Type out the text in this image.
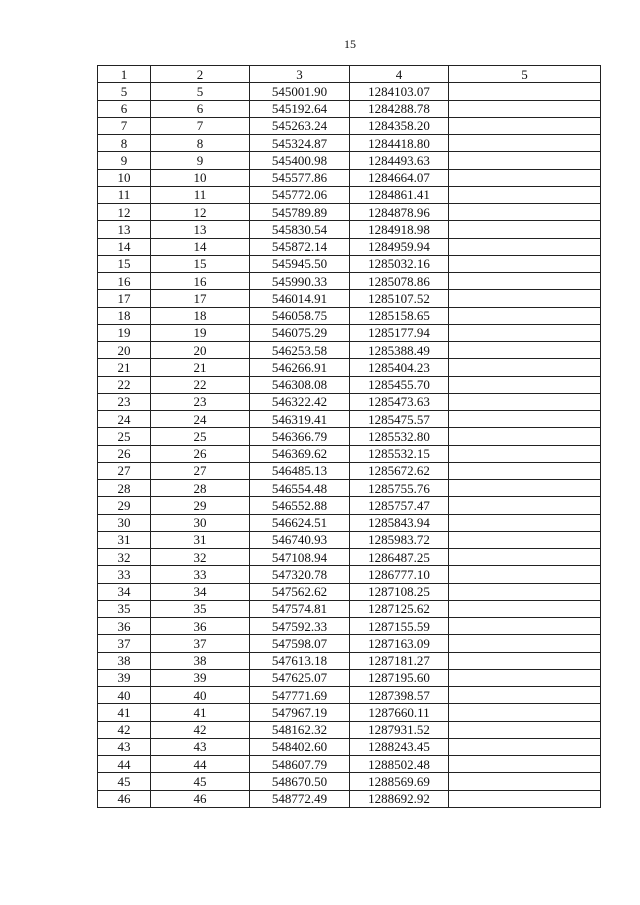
15
1	2	3	4	5
5	5	545001.90	1284103.07	
6	6	545192.64	1284288.78	
7	7	545263.24	1284358.20	
8	8	545324.87	1284418.80	
9	9	545400.98	1284493.63	
10	10	545577.86	1284664.07	
11	11	545772.06	1284861.41	
12	12	545789.89	1284878.96	
13	13	545830.54	1284918.98	
14	14	545872.14	1284959.94	
15	15	545945.50	1285032.16	
16	16	545990.33	1285078.86	
17	17	546014.91	1285107.52	
18	18	546058.75	1285158.65	
19	19	546075.29	1285177.94	
20	20	546253.58	1285388.49	
21	21	546266.91	1285404.23	
22	22	546308.08	1285455.70	
23	23	546322.42	1285473.63	
24	24	546319.41	1285475.57	
25	25	546366.79	1285532.80	
26	26	546369.62	1285532.15	
27	27	546485.13	1285672.62	
28	28	546554.48	1285755.76	
29	29	546552.88	1285757.47	
30	30	546624.51	1285843.94	
31	31	546740.93	1285983.72	
32	32	547108.94	1286487.25	
33	33	547320.78	1286777.10	
34	34	547562.62	1287108.25	
35	35	547574.81	1287125.62	
36	36	547592.33	1287155.59	
37	37	547598.07	1287163.09	
38	38	547613.18	1287181.27	
39	39	547625.07	1287195.60	
40	40	547771.69	1287398.57	
41	41	547967.19	1287660.11	
42	42	548162.32	1287931.52	
43	43	548402.60	1288243.45	
44	44	548607.79	1288502.48	
45	45	548670.50	1288569.69	
46	46	548772.49	1288692.92	
